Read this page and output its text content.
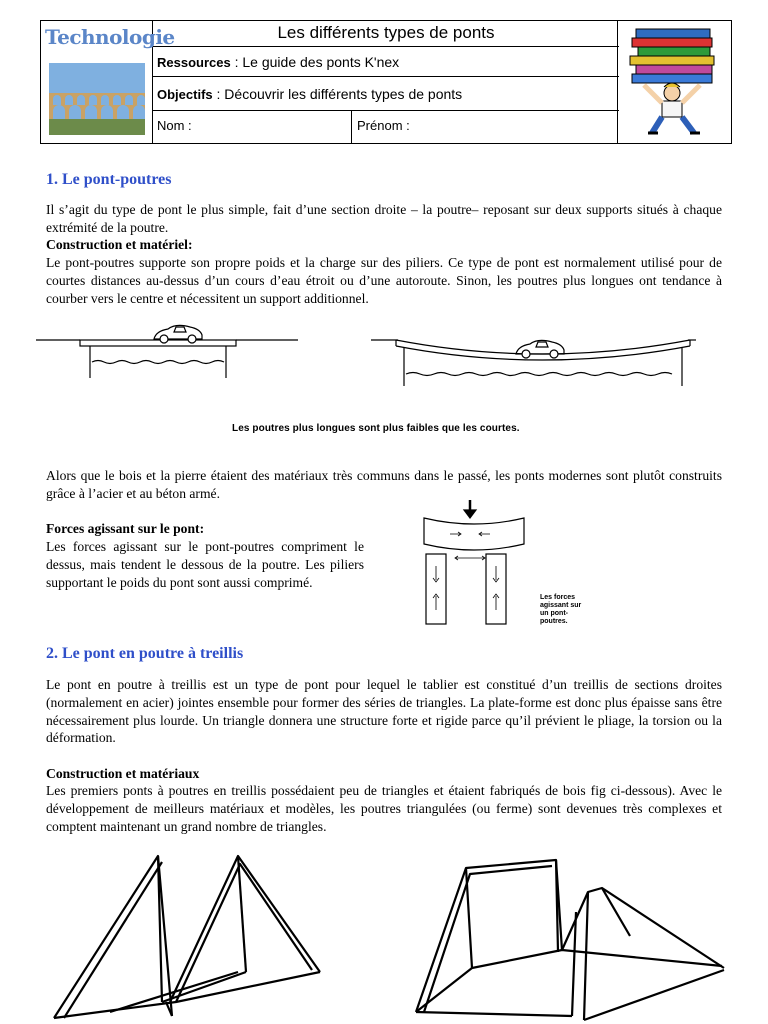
Technologie	Les différents types de ponts
Ressources : Le guide des ponts K'nex
Objectifs : Découvrir les différents types de ponts
Nom :	Prénom :
1. Le pont-poutres
Il s’agit du type de pont le plus simple, fait d’une section droite – la poutre– reposant sur deux supports situés à chaque extrémité de la poutre.
Construction et matériel:
Le pont-poutres supporte son propre poids et la charge sur des piliers. Ce type de pont est normalement utilisé pour de courtes distances au-dessus d’un cours d’eau étroit ou d’une autoroute. Sinon, les poutres plus longues ont tendance à courber vers le centre et nécessitent un support additionnel.
Les poutres plus longues sont plus faibles que les courtes.
Alors que le bois et la pierre étaient des matériaux très communs dans le passé, les ponts modernes sont plutôt construits grâce à l’acier et au béton armé.
Forces agissant sur le pont:
Les forces agissant sur le pont-poutres compriment le dessus, mais tendent le dessous de la poutre. Les piliers supportant le poids du pont sont aussi comprimé.
Les forces agissant sur un pont-poutres.
2. Le pont en poutre à treillis
Le pont en poutre à treillis est un type de pont pour lequel le tablier est constitué d’un treillis de sections droites (normalement en acier) jointes ensemble pour former des séries de triangles. La plate-forme est donc plus épaisse sans être nécessairement plus lourde. Un triangle donnera une structure forte et rigide parce qu’il prévient le pliage, la torsion ou la déformation.
Construction et matériaux
Les premiers ponts à poutres en treillis possédaient peu de triangles et étaient fabriqués de bois fig ci-dessous). Avec le développement de meilleurs matériaux et modèles, les poutres triangulées (ou ferme) sont devenues très complexes et comptent maintenant un grand nombre de triangles.
